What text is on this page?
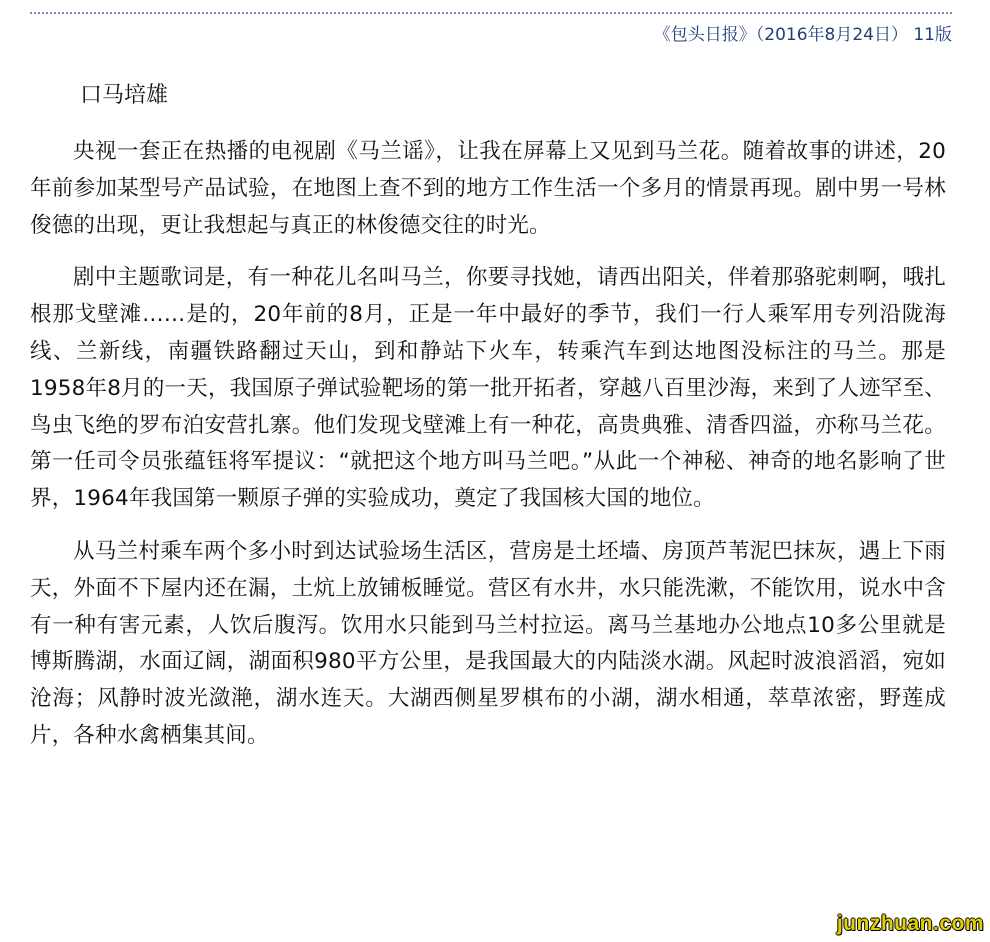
《包头日报》（2016年8月24日） 11版
口马培雄

央视一套正在热播的电视剧《马兰谣》，让我在屏幕上又见到马兰花。随着故事的讲述，20年前参加某型号产品试验，在地图上查不到的地方工作生活一个多月的情景再现。剧中男一号林俊德的出现，更让我想起与真正的林俊德交往的时光。

剧中主题歌词是，有一种花儿名叫马兰，你要寻找她，请西出阳关，伴着那骆驼刺啊，哦扎根那戈壁滩……是的，20年前的8月，正是一年中最好的季节，我们一行人乘军用专列沿陇海线、兰新线，南疆铁路翻过天山，到和静站下火车，转乘汽车到达地图没标注的马兰。那是1958年8月的一天，我国原子弹试验靶场的第一批开拓者，穿越八百里沙海，来到了人迹罕至、鸟虫飞绝的罗布泊安营扎寨。他们发现戈壁滩上有一种花，高贵典雅、清香四溢，亦称马兰花。第一任司令员张蕴钰将军提议：“就把这个地方叫马兰吧。”从此一个神秘、神奇的地名影响了世界，1964年我国第一颗原子弹的实验成功，奠定了我国核大国的地位。

从马兰村乘车两个多小时到达试验场生活区，营房是土坯墙、房顶芦苇泥巴抹灰，遇上下雨天，外面不下屋内还在漏，土炕上放铺板睡觉。营区有水井，水只能洗漱，不能饮用，说水中含有一种有害元素，人饮后腹泻。饮用水只能到马兰村拉运。离马兰基地办公地点10多公里就是博斯腾湖，水面辽阔，湖面积980平方公里，是我国最大的内陆淡水湖。风起时波浪滔滔，宛如沧海；风静时波光潋滟，湖水连天。大湖西侧星罗棋布的小湖，湖水相通，萃草浓密，野莲成片，各种水禽栖集其间。

junzhuan.com
